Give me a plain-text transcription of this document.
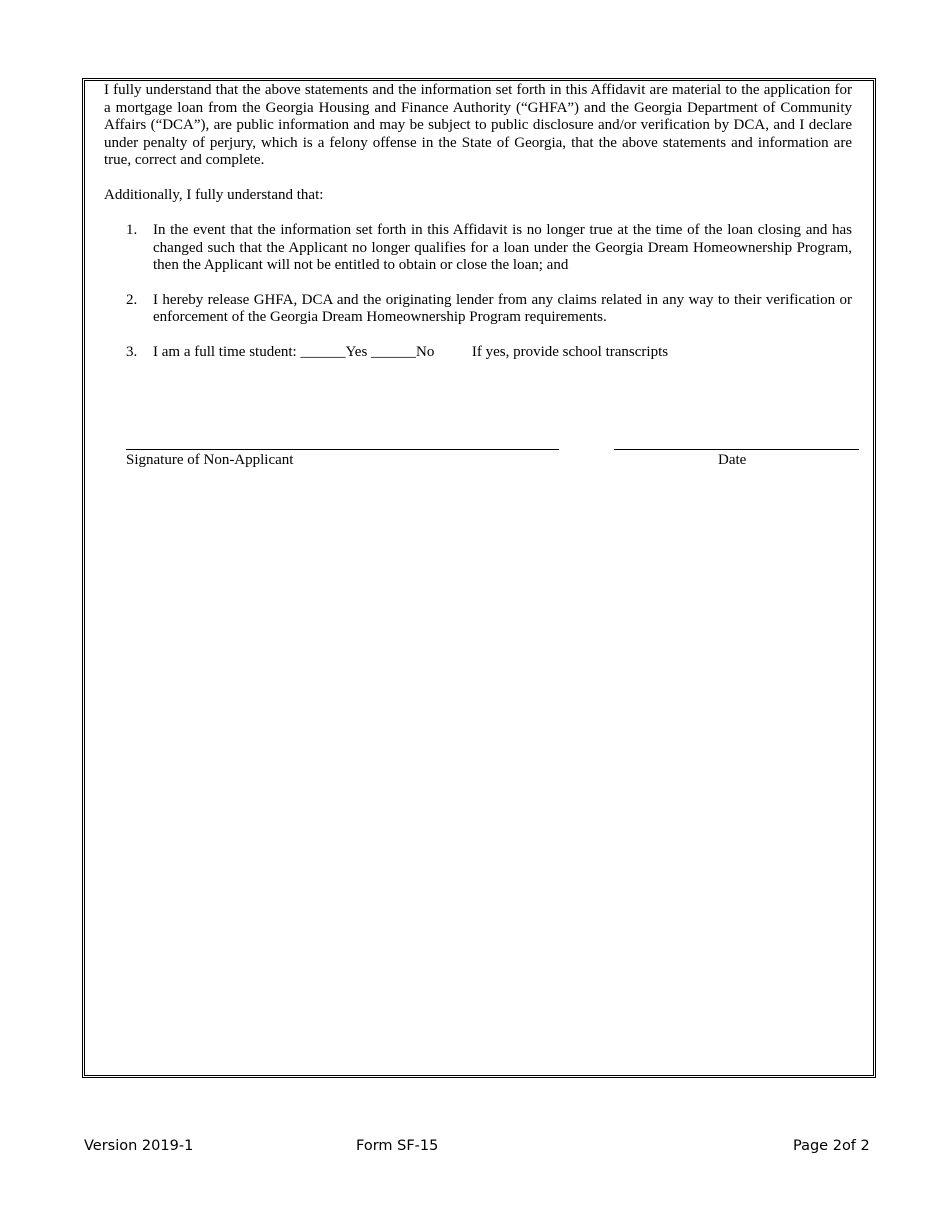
I fully understand that the above statements and the information set forth in this Affidavit are material to the application for a mortgage loan from the Georgia Housing and Finance Authority (“GHFA”) and the Georgia Department of Community Affairs (“DCA”), are public information and may be subject to public disclosure and/or verification by DCA, and I declare under penalty of perjury, which is a felony offense in the State of Georgia, that the above statements and information are true, correct and complete.

Additionally, I fully understand that:

1. In the event that the information set forth in this Affidavit is no longer true at the time of the loan closing and has changed such that the Applicant no longer qualifies for a loan under the Georgia Dream Homeownership Program, then the Applicant will not be entitled to obtain or close the loan; and
2. I hereby release GHFA, DCA and the originating lender from any claims related in any way to their verification or enforcement of the Georgia Dream Homeownership Program requirements.
3. I am a full time student: ______Yes ______No          If yes, provide school transcripts
Signature of Non-Applicant	Date
Version 2019-1	Form SF-15	Page 2of 2
